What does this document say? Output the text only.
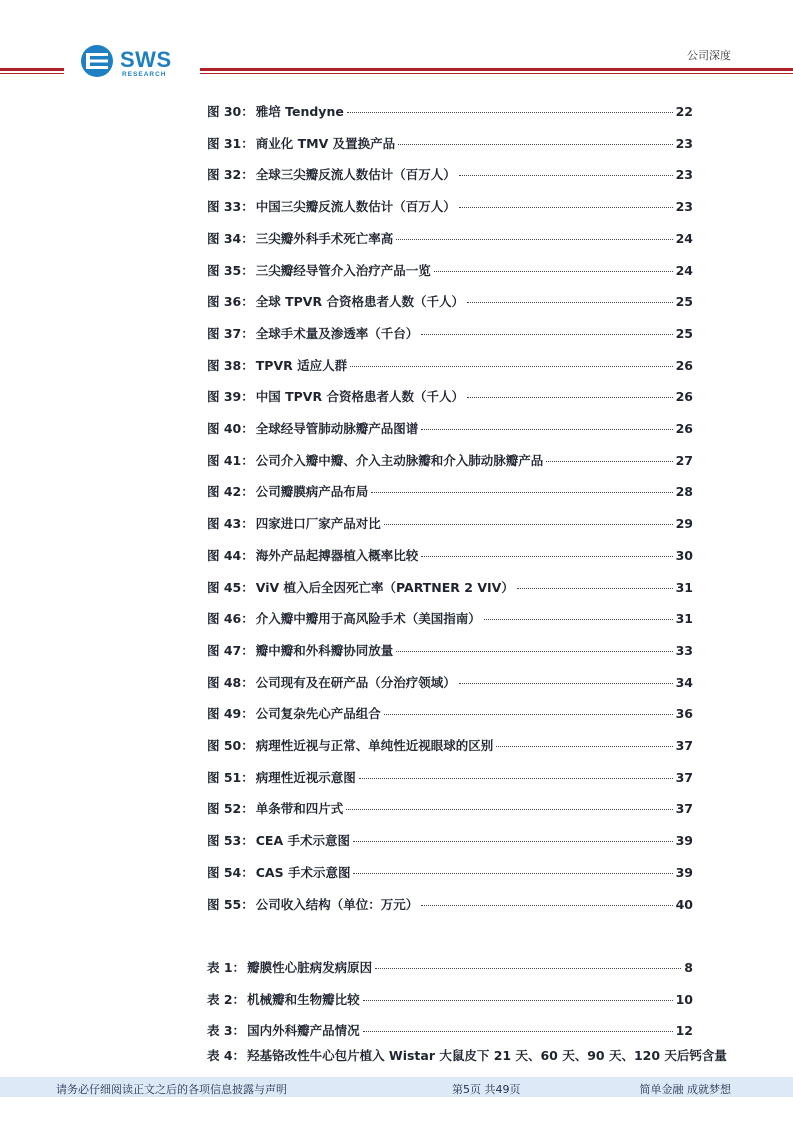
SWS
RESEARCH
公司深度
图 30： 雅培 Tendyne	22
图 31： 商业化 TMV 及置换产品	23
图 32： 全球三尖瓣反流人数估计（百万人）	23
图 33： 中国三尖瓣反流人数估计（百万人）	23
图 34： 三尖瓣外科手术死亡率高	24
图 35： 三尖瓣经导管介入治疗产品一览	24
图 36： 全球 TPVR 合资格患者人数（千人）	25
图 37： 全球手术量及渗透率（千台）	25
图 38： TPVR 适应人群	26
图 39： 中国 TPVR 合资格患者人数（千人）	26
图 40： 全球经导管肺动脉瓣产品图谱	26
图 41： 公司介入瓣中瓣、介入主动脉瓣和介入肺动脉瓣产品	27
图 42： 公司瓣膜病产品布局	28
图 43： 四家进口厂家产品对比	29
图 44： 海外产品起搏器植入概率比较	30
图 45： ViV 植入后全因死亡率（PARTNER 2 VIV）	31
图 46： 介入瓣中瓣用于高风险手术（美国指南）	31
图 47： 瓣中瓣和外科瓣协同放量	33
图 48： 公司现有及在研产品（分治疗领域）	34
图 49： 公司复杂先心产品组合	36
图 50： 病理性近视与正常、单纯性近视眼球的区别	37
图 51： 病理性近视示意图	37
图 52： 单条带和四片式	37
图 53： CEA 手术示意图	39
图 54： CAS 手术示意图	39
图 55： 公司收入结构（单位：万元）	40
表 1： 瓣膜性心脏病发病原因	8
表 2： 机械瓣和生物瓣比较	10
表 3： 国内外科瓣产品情况	12
表 4： 羟基铬改性牛心包片植入 Wistar 大鼠皮下 21 天、60 天、90 天、120 天后钙含量
请务必仔细阅读正文之后的各项信息披露与声明	第5页 共49页	简单金融 成就梦想
